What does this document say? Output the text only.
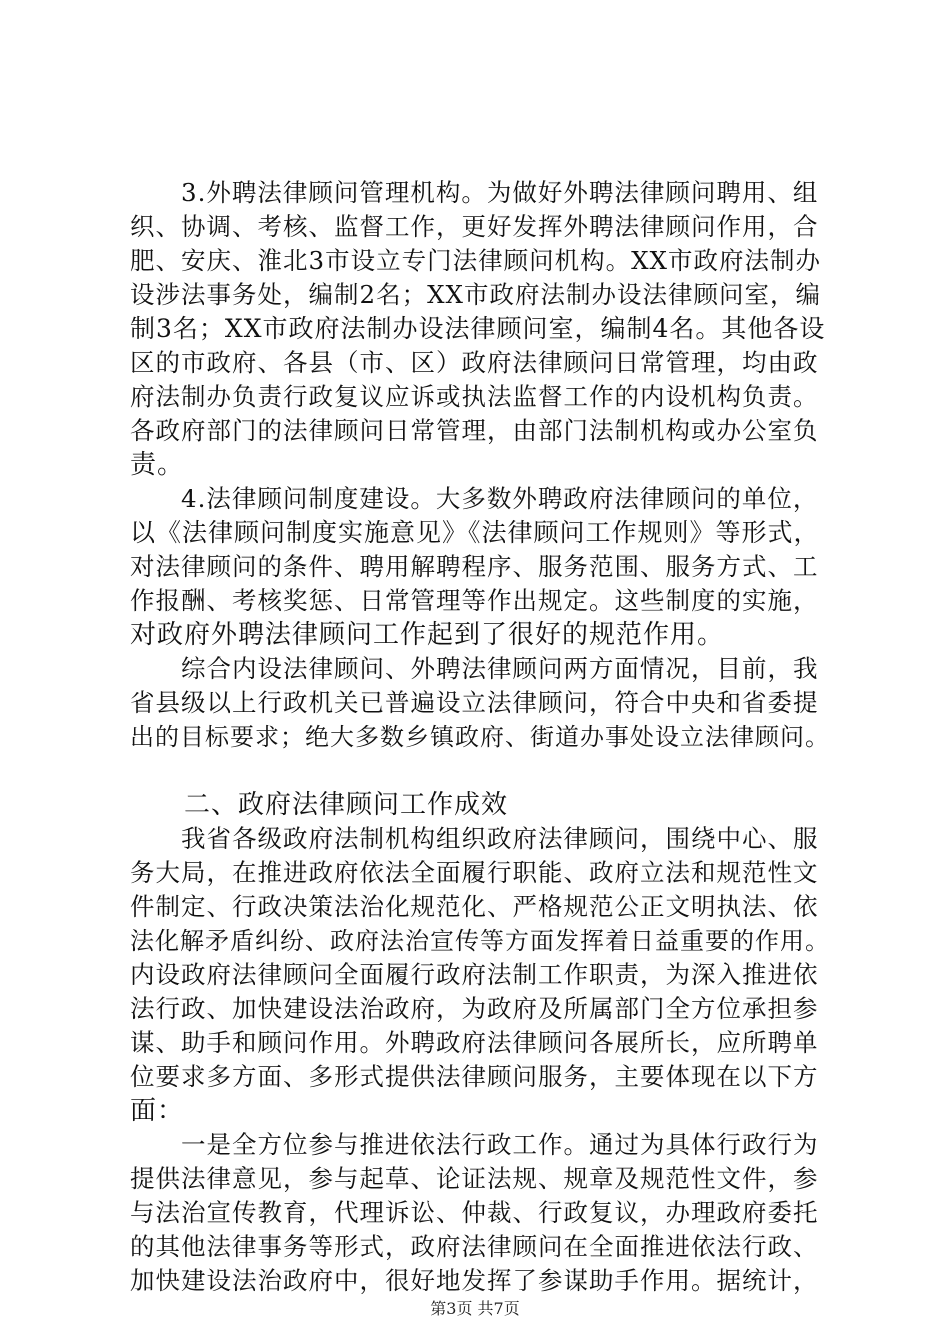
　　3.外聘法律顾问管理机构。为做好外聘法律顾问聘用、组
织、协调、考核、监督工作，更好发挥外聘法律顾问作用，合
肥、安庆、淮北3市设立专门法律顾问机构。XX市政府法制办
设涉法事务处，编制2名；XX市政府法制办设法律顾问室，编
制3名；XX市政府法制办设法律顾问室，编制4名。其他各设
区的市政府、各县（市、区）政府法律顾问日常管理，均由政
府法制办负责行政复议应诉或执法监督工作的内设机构负责。
各政府部门的法律顾问日常管理，由部门法制机构或办公室负
责。
　　4.法律顾问制度建设。大多数外聘政府法律顾问的单位，
以《法律顾问制度实施意见》《法律顾问工作规则》等形式，
对法律顾问的条件、聘用解聘程序、服务范围、服务方式、工
作报酬、考核奖惩、日常管理等作出规定。这些制度的实施，
对政府外聘法律顾问工作起到了很好的规范作用。
　　综合内设法律顾问、外聘法律顾问两方面情况，目前，我
省县级以上行政机关已普遍设立法律顾问，符合中央和省委提
出的目标要求；绝大多数乡镇政府、街道办事处设立法律顾问。
　　二、政府法律顾问工作成效
　　我省各级政府法制机构组织政府法律顾问，围绕中心、服
务大局，在推进政府依法全面履行职能、政府立法和规范性文
件制定、行政决策法治化规范化、严格规范公正文明执法、依
法化解矛盾纠纷、政府法治宣传等方面发挥着日益重要的作用。
内设政府法律顾问全面履行政府法制工作职责，为深入推进依
法行政、加快建设法治政府，为政府及所属部门全方位承担参
谋、助手和顾问作用。外聘政府法律顾问各展所长，应所聘单
位要求多方面、多形式提供法律顾问服务，主要体现在以下方
面：
　　一是全方位参与推进依法行政工作。通过为具体行政行为
提供法律意见，参与起草、论证法规、规章及规范性文件，参
与法治宣传教育，代理诉讼、仲裁、行政复议，办理政府委托
的其他法律事务等形式，政府法律顾问在全面推进依法行政、
加快建设法治政府中，很好地发挥了参谋助手作用。据统计，
第3页 共7页
